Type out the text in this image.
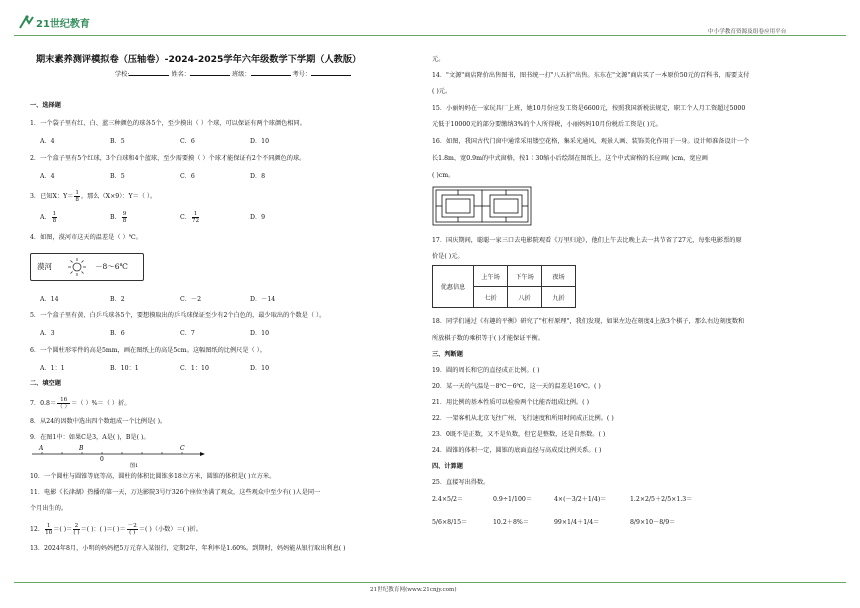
21世纪教育
中小学教育资源及组卷应用平台
期末素养测评模拟卷（压轴卷）-2024-2025学年六年级数学下学期（人教版）
学校:	姓名：	班级：	考号：
一、选择题
1．一个袋子里有红、白、蓝三种颜色的球各5个，至少摸出（ ）个球，可以保证有两个球颜色相同。
A．4	B．5	C．6	D．10
2．一个盒子里有5个红球，3个白球和4个蓝球，至少需要摸（ ）个球才能保证有2个不同颜色的球。
A．4	B．5	C．6	D．8
3．已知X：$Y= \frac{1}{8}$ ，那么（X×9）：Y＝（ ）。
A． $\frac{1}{8}$	B． $\frac{9}{8}$	C． $\frac{1}{72}$	D．9
4．如图，漠河市这天的温差是（ ）℃。
漠河	－8～6℃
A．14	B．2	C．－2	D．－14
5．一个盒子里有黄、白乒乓球各5个，要想摸取出的乒乓球保证至少有2个白色的，最少取出的个数是（ ）。
A．3	B．6	C．7	D．10
6．一个圆柱形零件的高是5mm，画在图纸上的高是5cm。这幅图纸的比例尺是（ ）。
A．1：1	B．10：1	C．1：10	D．10
二、填空题
7．$0.8= \frac{16}{( )}$ ＝（ ）%＝（ ）折。
8．从24的因数中选出四个数组成一个比例是( )。
9．在图1中：如果C是3，A是( )，B是( )。
A	B
0
C
图1
10．一个圆柱与圆锥等底等高，圆柱的体积比圆锥多18立方米，圆锥的体积是( )立方米。
11．电影《长津湖》热播的第一天，万达影院3号厅326个座位坐满了观众，这些观众中至少有( )人是同一
个月出生的。
12． $\frac{1}{10}$ ＝( )＝ $\frac{2}{( )}$ ＝( )：( )＝( )＝ $\frac{-2}{( )}$ ＝( )（小数）＝( )折。
13．2024年8月，小明的妈妈把5万元存入某银行，定期2年，年利率是1.60%。到期时，妈妈能从银行取出利息( )
元。
14．"文源"商店降价出售图书，图书统一打"八五折"出售。东东在"文源"商店买了一本原价50元的百科书，需要支付
( )元。
15．小丽妈妈在一家玩具厂上班，她10月份应发工资是6600元，按照我国新税法规定，职工个人月工资超过5000
元低于10000元的部分要缴纳3%的个人所得税，小丽妈妈10月份税后工资是( )元。
16．如图，我国古代门窗中通常采用镂空花格，集采光通风、观景人画、装饰美化作用于一身。设计师准备设计一个
长1.8m、宽0.9m的中式窗格，按1∶30缩小后绘制在图纸上，这个中式窗格的长应画( )cm，宽应画
( )cm。
17．国庆期间，聪聪一家三口去电影院观看《万里归途》，他们上午去比晚上去一共节省了27元，每张电影票的原
价是( )元。
优惠信息	上午场	下午场	夜场
	七折	八折	九折
18．同学们通过《有趣的平衡》研究了"杠杆原理"，我们发现，如果左边在刻度4上放3个棋子，那么右边刻度数和
所放棋子数的乘积等于( )才能保证平衡。
三、判断题
19．圆的周长和它的直径成正比例。( )
20．某一天的气温是－8℃～6℃，这一天的温差是16℃。( )
21．用比例的基本性质可以检验两个比能否组成比例。( )
22．一架客机从北京飞往广州，飞行速度和所用时间成正比例。( )
23．0既不是正数，又不是负数，但它是整数，还是自然数。( )
24．圆锥的体积一定，圆锥的底面直径与高成反比例关系。( )
四、计算题
25．直接写出得数。
2.4×5/2＝	0.9÷1/100＝	4×(－3/2＋1/4)＝	1.2×2/5＋2/5×1.3＝
5/6×8/15＝	10.2＋8%＝	99×1/4＋1/4＝	8/9×10－8/9＝
21世纪教育网(www.21cnjy.com)
